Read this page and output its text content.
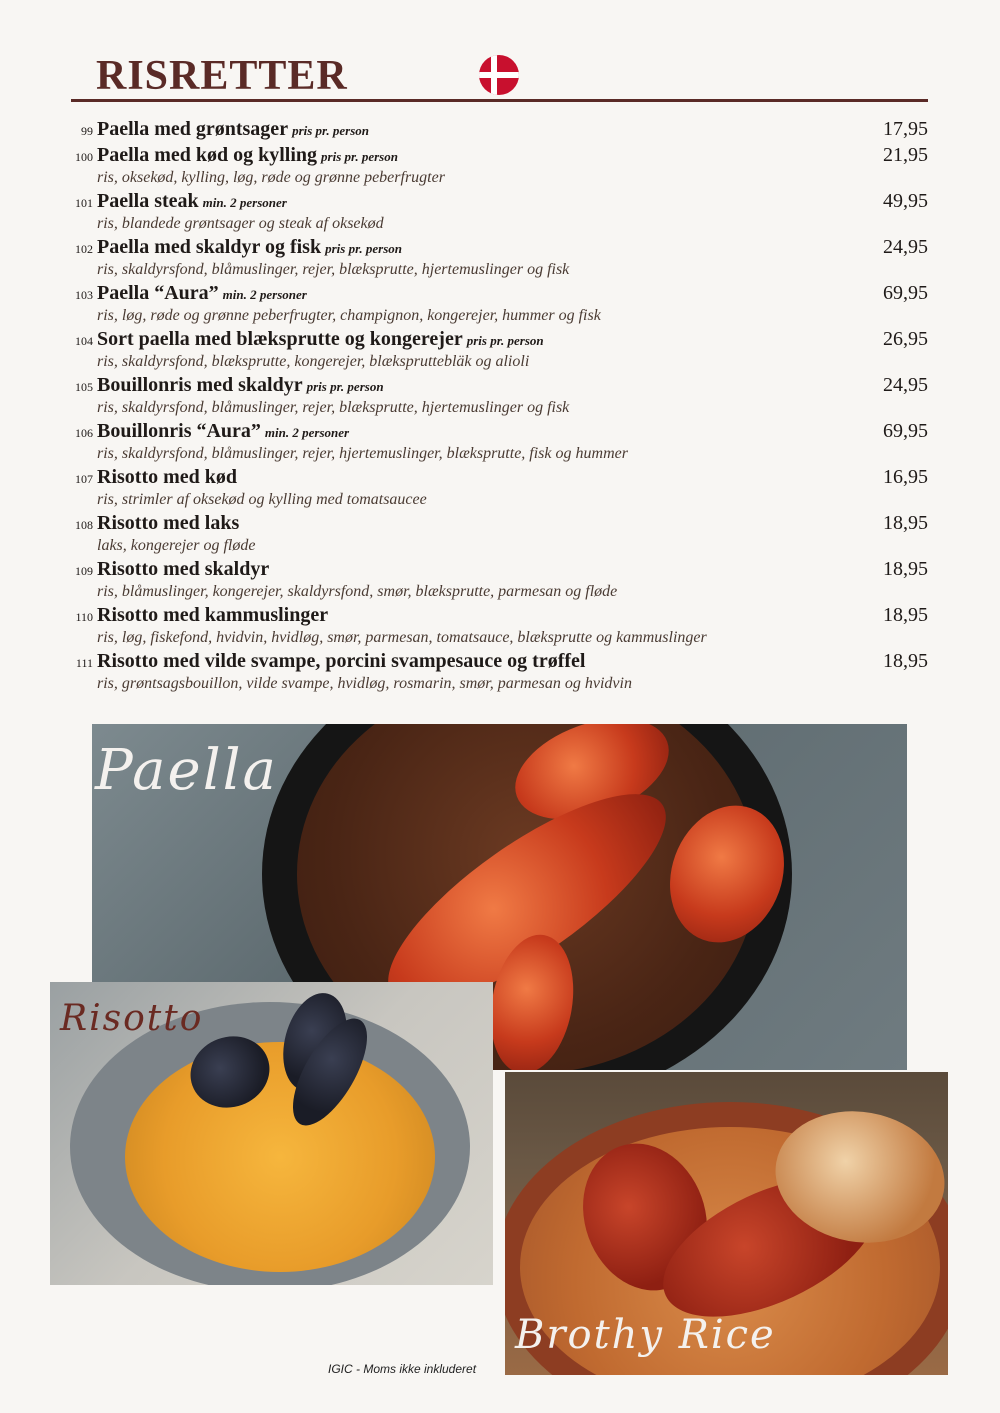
RISRETTER
99 Paella med grøntsager pris pr. person	17,95
100 Paella med kød og kylling pris pr. person	21,95
ris, oksekød, kylling, løg, røde og grønne peberfrugter
101 Paella steak min. 2 personer	49,95
ris, blandede grøntsager og steak af oksekød
102 Paella med skaldyr og fisk pris pr. person	24,95
ris, skaldyrsfond, blåmuslinger, rejer, blæksprutte, hjertemuslinger og fisk
103 Paella “Aura” min. 2 personer	69,95
ris, løg, røde og grønne peberfrugter, champignon, kongerejer, hummer og fisk
104 Sort paella med blæksprutte og kongerejer pris pr. person	26,95
ris, skaldyrsfond, blæksprutte, kongerejer, blækspruttebläk og alioli
105 Bouillonris med skaldyr pris pr. person	24,95
ris, skaldyrsfond, blåmuslinger, rejer, blæksprutte, hjertemuslinger og fisk
106 Bouillonris “Aura” min. 2 personer	69,95
ris, skaldyrsfond, blåmuslinger, rejer, hjertemuslinger, blæksprutte, fisk og hummer
107 Risotto med kød	16,95
ris, strimler af oksekød og kylling med tomatsaucee
108 Risotto med laks	18,95
laks, kongerejer og fløde
109 Risotto med skaldyr	18,95
ris, blåmuslinger, kongerejer, skaldyrsfond, smør, blæksprutte, parmesan og fløde
110 Risotto med kammuslinger	18,95
ris, løg, fiskefond, hvidvin, hvidløg, smør, parmesan, tomatsauce, blæksprutte og kammuslinger
111 Risotto med vilde svampe, porcini svampesauce og trøffel	18,95
ris, grøntsagsbouillon, vilde svampe, hvidløg, rosmarin, smør, parmesan og hvidvin
Paella
Risotto
Brothy Rice
IGIC - Moms ikke inkluderet
